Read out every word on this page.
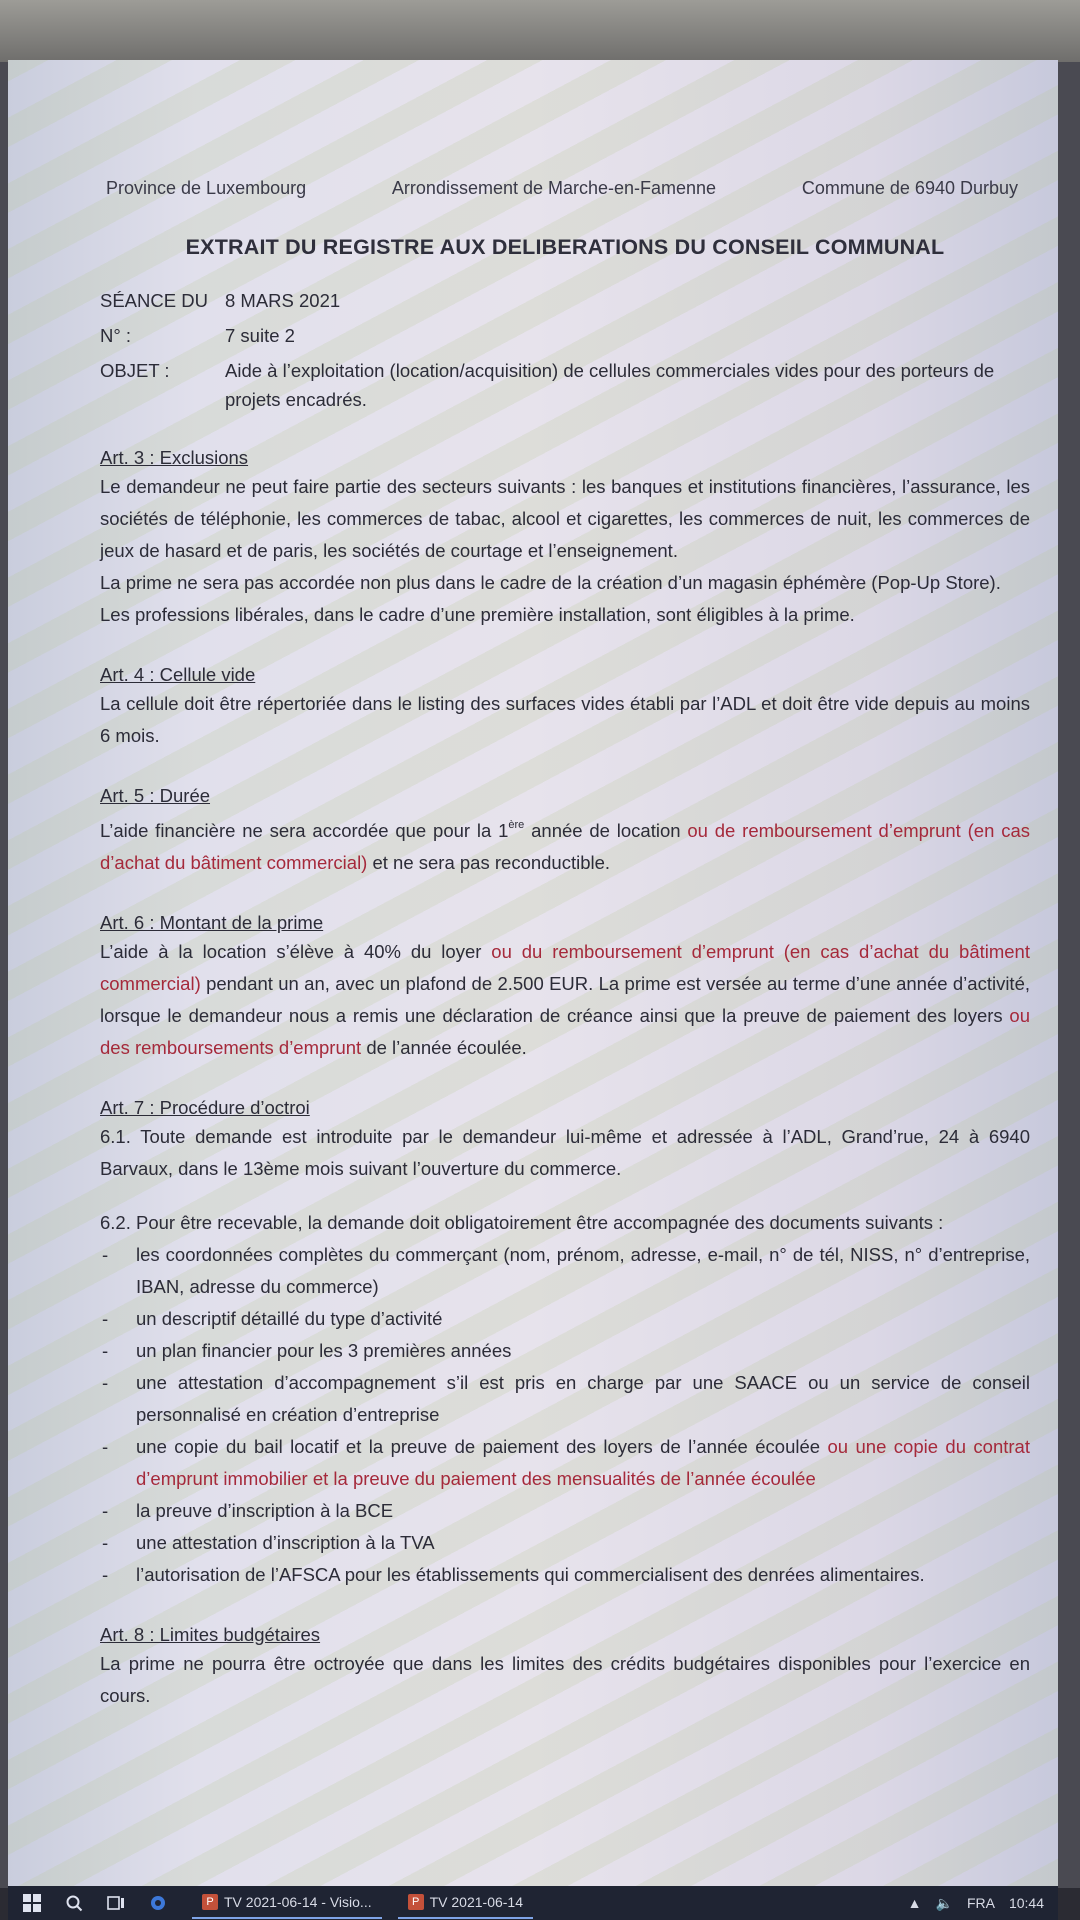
Province de Luxembourg	Arrondissement de Marche-en-Famenne	Commune de 6940 Durbuy
EXTRAIT DU REGISTRE AUX DELIBERATIONS DU CONSEIL COMMUNAL
SÉANCE DU 8 MARS 2021
N° :	7 suite 2
OBJET :	Aide à l’exploitation (location/acquisition) de cellules commerciales vides pour des porteurs de projets encadrés.
Art. 3 : Exclusions
Le demandeur ne peut faire partie des secteurs suivants : les banques et institutions financières, l’assurance, les sociétés de téléphonie, les commerces de tabac, alcool et cigarettes, les commerces de nuit, les commerces de jeux de hasard et de paris, les sociétés de courtage et l’enseignement.
La prime ne sera pas accordée non plus dans le cadre de la création d’un magasin éphémère (Pop-Up Store).
Les professions libérales, dans le cadre d’une première installation, sont éligibles à la prime.
Art. 4 : Cellule vide
La cellule doit être répertoriée dans le listing des surfaces vides établi par l’ADL et doit être vide depuis au moins 6 mois.
Art. 5 : Durée
L’aide financière ne sera accordée que pour la 1ère année de location ou de remboursement d’emprunt (en cas d’achat du bâtiment commercial) et ne sera pas reconductible.
Art. 6 : Montant de la prime
L’aide à la location s’élève à 40% du loyer ou du remboursement d’emprunt (en cas d’achat du bâtiment commercial) pendant un an, avec un plafond de 2.500 EUR. La prime est versée au terme d’une année d’activité, lorsque le demandeur nous a remis une déclaration de créance ainsi que la preuve de paiement des loyers ou des remboursements d’emprunt de l’année écoulée.
Art. 7 : Procédure d’octroi
6.1. Toute demande est introduite par le demandeur lui-même et adressée à l’ADL, Grand’rue, 24 à 6940 Barvaux, dans le 13ème mois suivant l’ouverture du commerce.
6.2. Pour être recevable, la demande doit obligatoirement être accompagnée des documents suivants :
- les coordonnées complètes du commerçant (nom, prénom, adresse, e-mail, n° de tél, NISS, n° d’entreprise, IBAN, adresse du commerce)
- un descriptif détaillé du type d’activité
- un plan financier pour les 3 premières années
- une attestation d’accompagnement s’il est pris en charge par une SAACE ou un service de conseil personnalisé en création d’entreprise
- une copie du bail locatif et la preuve de paiement des loyers de l’année écoulée ou une copie du contrat d’emprunt immobilier et la preuve du paiement des mensualités de l’année écoulée
- la preuve d’inscription à la BCE
- une attestation d’inscription à la TVA
- l’autorisation de l’AFSCA pour les établissements qui commercialisent des denrées alimentaires.
Art. 8 : Limites budgétaires
La prime ne pourra être octroyée que dans les limites des crédits budgétaires disponibles pour l’exercice en cours.
P TV 2021-06-14 - Visio...	P TV 2021-06-14	▲ 🔈 FRA 10:44
